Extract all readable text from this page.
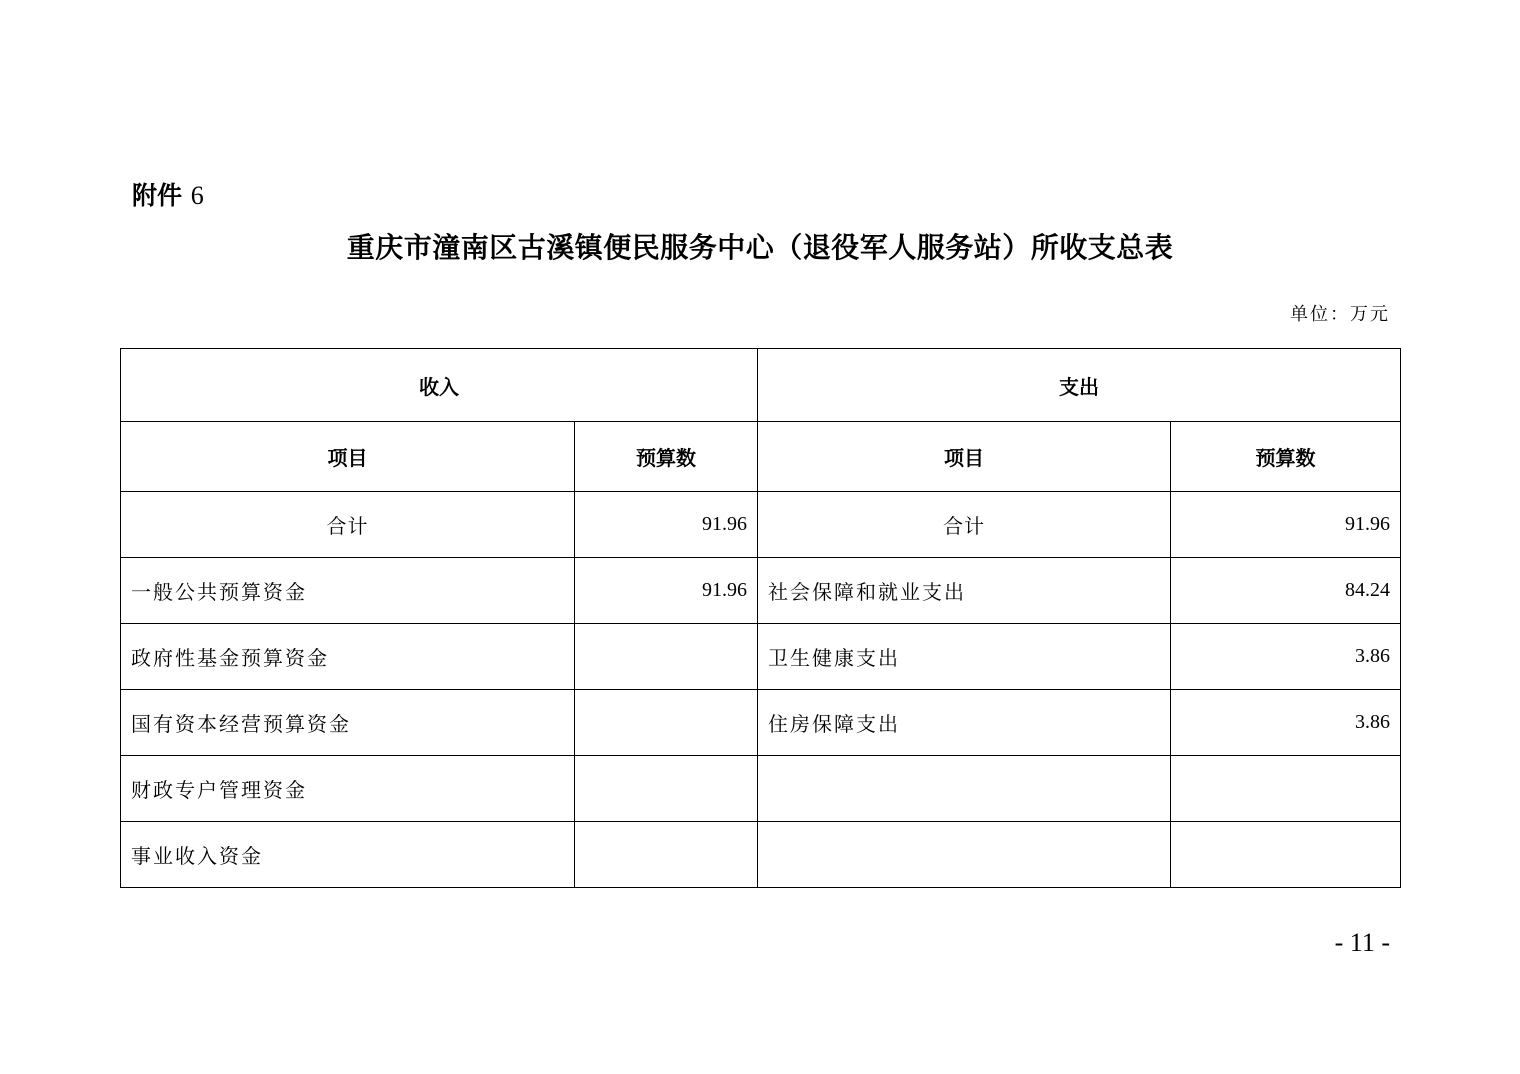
附件 6
重庆市潼南区古溪镇便民服务中心（退役军人服务站）所收支总表
单位：万元
收入		支出	
项目	预算数	项目	预算数
合计	91.96	合计	91.96
一般公共预算资金	91.96	社会保障和就业支出	84.24
政府性基金预算资金		卫生健康支出	3.86
国有资本经营预算资金		住房保障支出	3.86
财政专户管理资金			
事业收入资金			
- 11 -
